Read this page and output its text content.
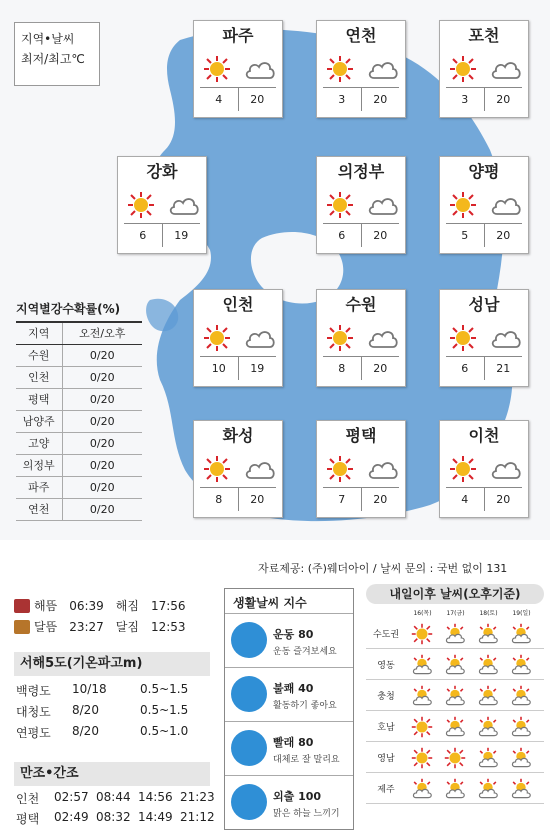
지역•날씨
최저/최고℃
파주
4	20
연천
3	20
포천
3	20
강화
6	19
의정부
6	20
양평
5	20
인천
10	19
수원
8	20
성남
6	21
화성
8	20
평택
7	20
이천
4	20
지역별강수확률(%)
지역	오전/오후
수원	0/20
인천	0/20
평택	0/20
남양주	0/20
고양	0/20
의정부	0/20
파주	0/20
연천	0/20
자료제공: (주)웨더아이 / 날씨 문의 : 국번 없이 131
해뜸 06:39 해짐 17:56
달뜸 23:27 달짐 12:53
서해5도(기온파고m)
백령도	10/18	0.5~1.5
대청도	8/20	0.5~1.5
연평도	8/20	0.5~1.0
만조•간조
인천	02:57 08:44 14:56 21:23
평택	02:49 08:32 14:49 21:12
생활날씨 지수
운동 80
운동 즐겨보세요
불쾌 40
활동하기 좋아요
빨래 80
대체로 잘 말리요
외출 100
맑은 하늘 느끼기
내일이후 날씨(오후기준)
16(목)	17(금)	18(토)	19(일)
수도권
영동
충청
호남
영남
제주
